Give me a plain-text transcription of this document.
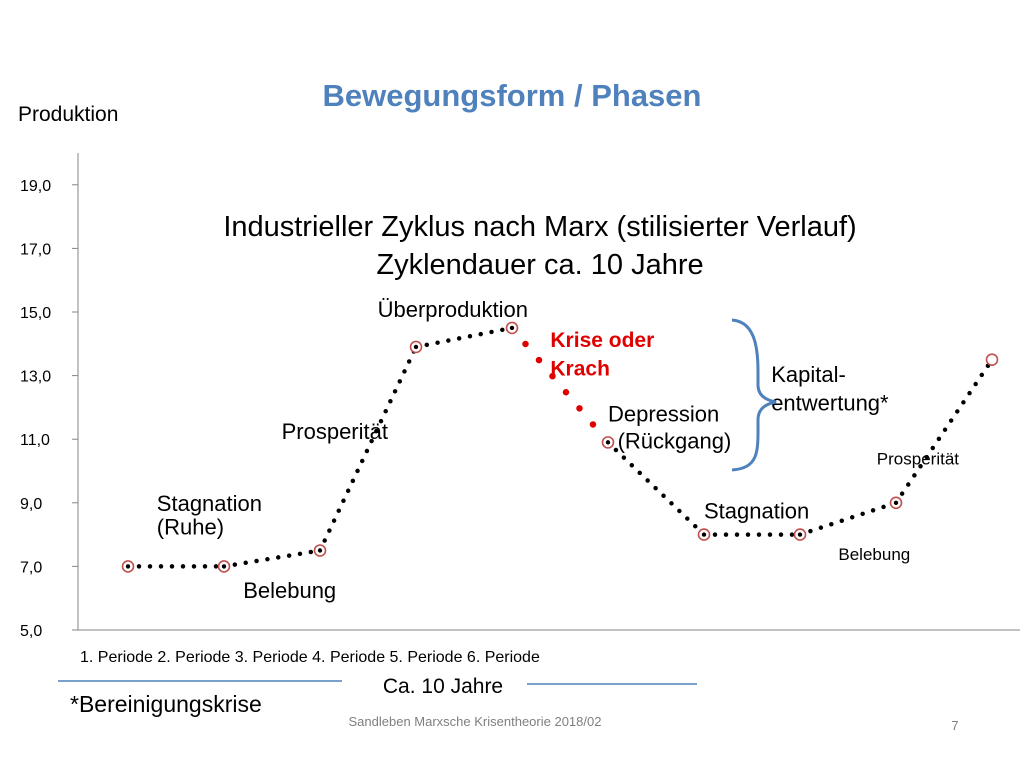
Bewegungsform / Phasen
Produktion
5,0
7,0
9,0
11,0
13,0
15,0
17,0
19,0
Industrieller Zyklus nach Marx (stilisierter Verlauf)
Zyklendauer ca. 10 Jahre
1. Periode 2. Periode 3. Periode 4. Periode 5. Periode 6. Periode
Stagnation
(Ruhe)
Belebung
Prosperität
Überproduktion
Krise oder
Krach
Depression
(Rückgang)
Stagnation
Kapital-
entwertung*
Prosperität
Belebung
Ca. 10 Jahre
*Bereinigungskrise
Sandleben Marxsche Krisentheorie 2018/02	7
